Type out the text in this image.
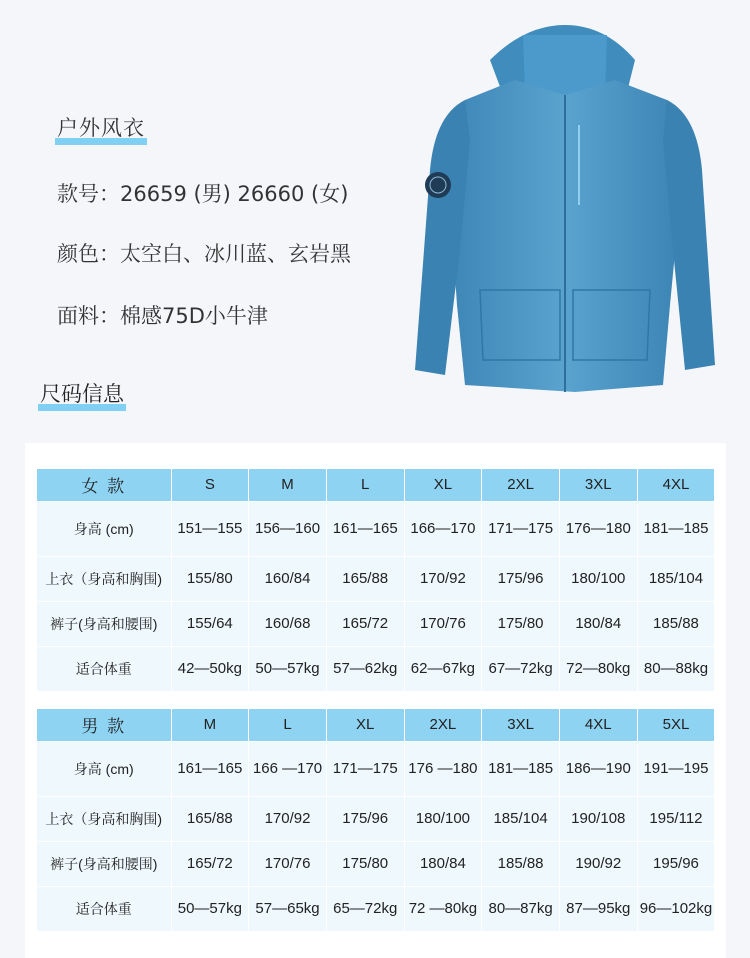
户外风衣
款号：26659 (男) 26660 (女)
颜色：太空白、冰川蓝、玄岩黑
面料：棉感75D小牛津
尺码信息
女 款	S	M	L	XL	2XL	3XL	4XL
身高 (cm)	151—155	156—160	161—165	166—170	171—175	176—180	181—185
上衣（身高和胸围)	155/80	160/84	165/88	170/92	175/96	180/100	185/104
裤子(身高和腰围)	155/64	160/68	165/72	170/76	175/80	180/84	185/88
适合体重	42—50kg	50—57kg	57—62kg	62—67kg	67—72kg	72—80kg	80—88kg
男 款	M	L	XL	2XL	3XL	4XL	5XL
身高 (cm)	161—165	166 —170	171—175	176 —180	181—185	186—190	191—195
上衣（身高和胸围)	165/88	170/92	175/96	180/100	185/104	190/108	195/112
裤子(身高和腰围)	165/72	170/76	175/80	180/84	185/88	190/92	195/96
适合体重	50—57kg	57—65kg	65—72kg	72 —80kg	80—87kg	87—95kg	96—102kg
